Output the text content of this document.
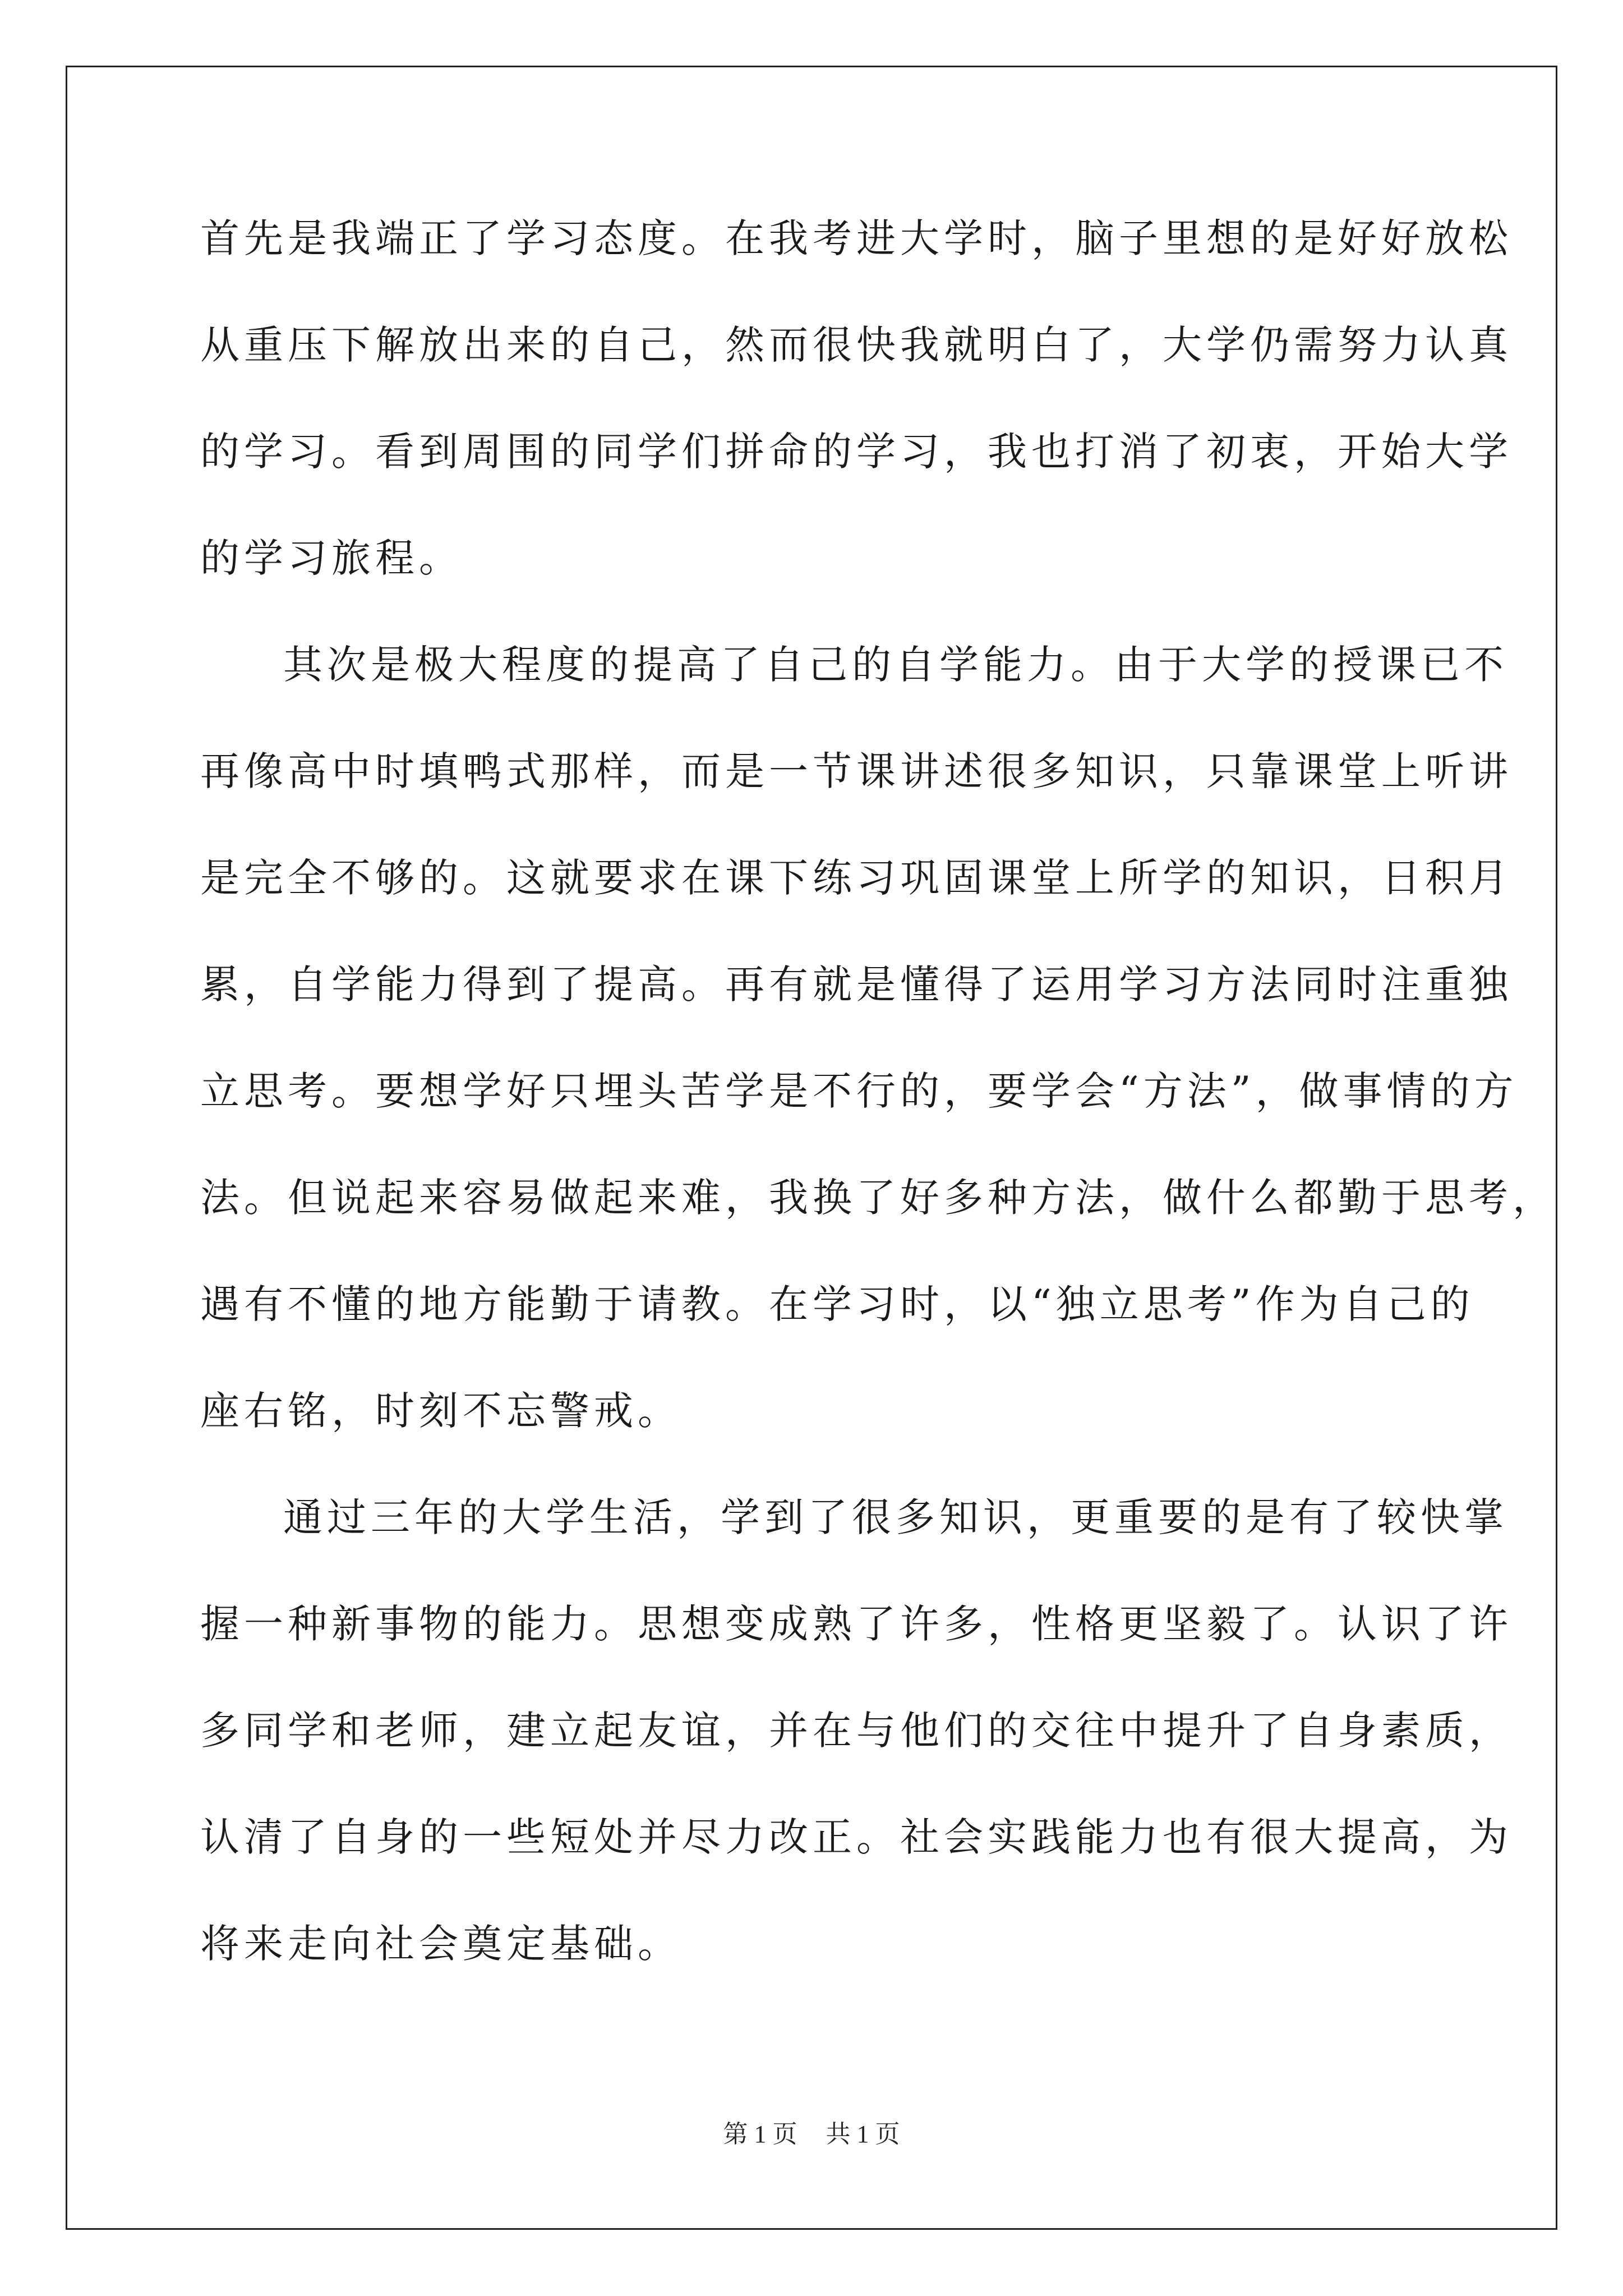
首先是我端正了学习态度。在我考进大学时，脑子里想的是好好放松
从重压下解放出来的自己，然而很快我就明白了，大学仍需努力认真
的学习。看到周围的同学们拼命的学习，我也打消了初衷，开始大学
的学习旅程。
其次是极大程度的提高了自己的自学能力。由于大学的授课已不
再像高中时填鸭式那样，而是一节课讲述很多知识，只靠课堂上听讲
是完全不够的。这就要求在课下练习巩固课堂上所学的知识，日积月
累，自学能力得到了提高。再有就是懂得了运用学习方法同时注重独
立思考。要想学好只埋头苦学是不行的，要学会“方法”，做事情的方
法。但说起来容易做起来难，我换了好多种方法，做什么都勤于思考，
遇有不懂的地方能勤于请教。在学习时，以“独立思考”作为自己的
座右铭，时刻不忘警戒。
通过三年的大学生活，学到了很多知识，更重要的是有了较快掌
握一种新事物的能力。思想变成熟了许多，性格更坚毅了。认识了许
多同学和老师，建立起友谊，并在与他们的交往中提升了自身素质，
认清了自身的一些短处并尽力改正。社会实践能力也有很大提高，为
将来走向社会奠定基础。
第 1 页 共 1 页
